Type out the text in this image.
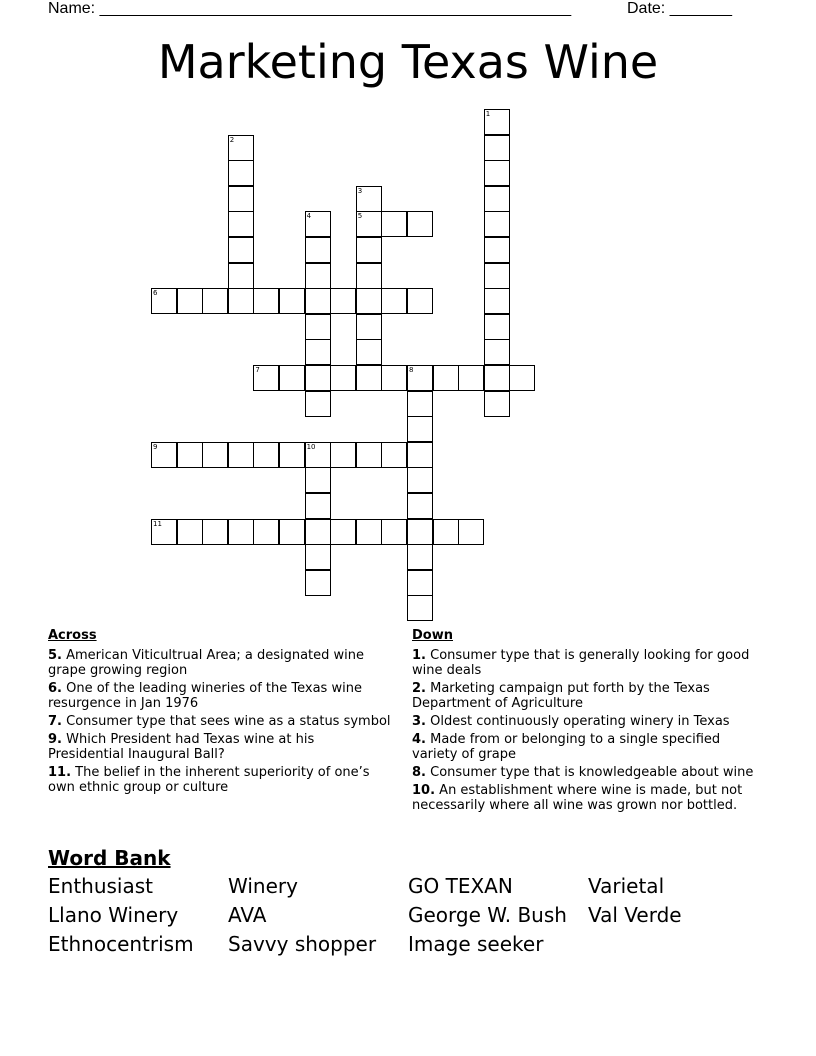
Name: _____________________________________________________	Date: _______
Marketing Texas Wine
1
2
3
5
4
6
7	8
9	10
11
Across

5. American Viticultrual Area; a designated wine grape growing region

6. One of the leading wineries of the Texas wine resurgence in Jan 1976

7. Consumer type that sees wine as a status symbol

9. Which President had Texas wine at his Presidential Inaugural Ball?

11. The belief in the inherent superiority of one’s own ethnic group or culture

Down

1. Consumer type that is generally looking for good wine deals

2. Marketing campaign put forth by the Texas Department of Agriculture

3. Oldest continuously operating winery in Texas

4. Made from or belonging to a single specified variety of grape

8. Consumer type that is knowledgeable about wine

10. An establishment where wine is made, but not necessarily where all wine was grown nor bottled.

Word Bank
Enthusiast	Winery	GO TEXAN	Varietal
Llano Winery	AVA	George W. Bush	Val Verde
Ethnocentrism	Savvy shopper	Image seeker
